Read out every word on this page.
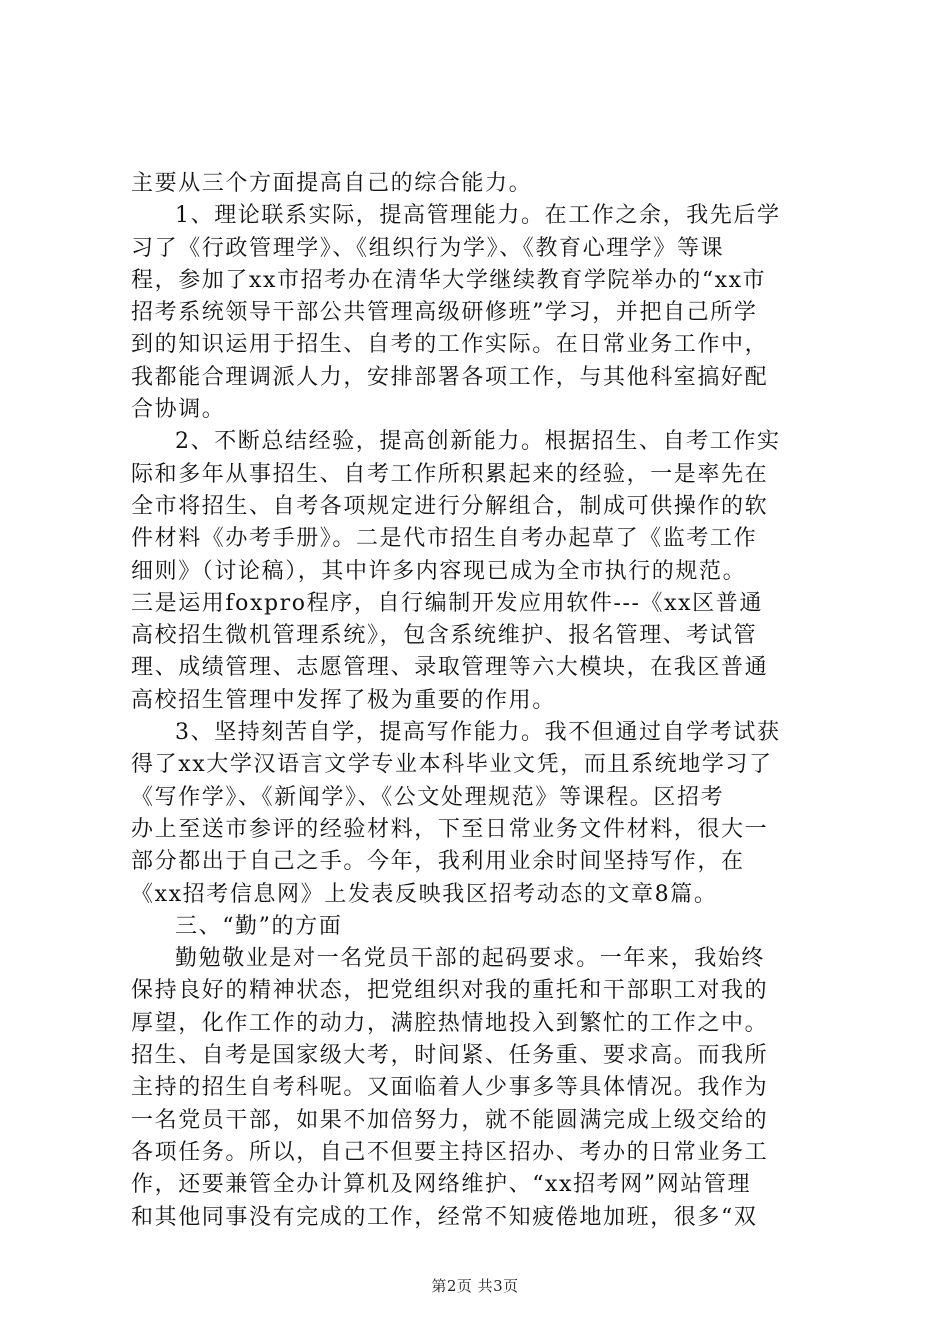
主要从三个方面提高自己的综合能力。
1、理论联系实际，提高管理能力。在工作之余，我先后学
习了《行政管理学》、《组织行为学》、《教育心理学》等课
程，参加了xx市招考办在清华大学继续教育学院举办的“xx市
招考系统领导干部公共管理高级研修班”学习，并把自己所学
到的知识运用于招生、自考的工作实际。在日常业务工作中，
我都能合理调派人力，安排部署各项工作，与其他科室搞好配
合协调。
2、不断总结经验，提高创新能力。根据招生、自考工作实
际和多年从事招生、自考工作所积累起来的经验，一是率先在
全市将招生、自考各项规定进行分解组合，制成可供操作的软
件材料《办考手册》。二是代市招生自考办起草了《监考工作
细则》（讨论稿），其中许多内容现已成为全市执行的规范。
三是运用foxpro程序，自行编制开发应用软件---《xx区普通
高校招生微机管理系统》，包含系统维护、报名管理、考试管
理、成绩管理、志愿管理、录取管理等六大模块，在我区普通
高校招生管理中发挥了极为重要的作用。
3、坚持刻苦自学，提高写作能力。我不但通过自学考试获
得了xx大学汉语言文学专业本科毕业文凭，而且系统地学习了
《写作学》、《新闻学》、《公文处理规范》等课程。区招考
办上至送市参评的经验材料，下至日常业务文件材料，很大一
部分都出于自己之手。今年，我利用业余时间坚持写作，在
《xx招考信息网》上发表反映我区招考动态的文章8篇。
三、“勤”的方面
勤勉敬业是对一名党员干部的起码要求。一年来，我始终
保持良好的精神状态，把党组织对我的重托和干部职工对我的
厚望，化作工作的动力，满腔热情地投入到繁忙的工作之中。
招生、自考是国家级大考，时间紧、任务重、要求高。而我所
主持的招生自考科呢。又面临着人少事多等具体情况。我作为
一名党员干部，如果不加倍努力，就不能圆满完成上级交给的
各项任务。所以，自己不但要主持区招办、考办的日常业务工
作，还要兼管全办计算机及网络维护、“xx招考网”网站管理
和其他同事没有完成的工作，经常不知疲倦地加班，很多“双
第2页 共3页
